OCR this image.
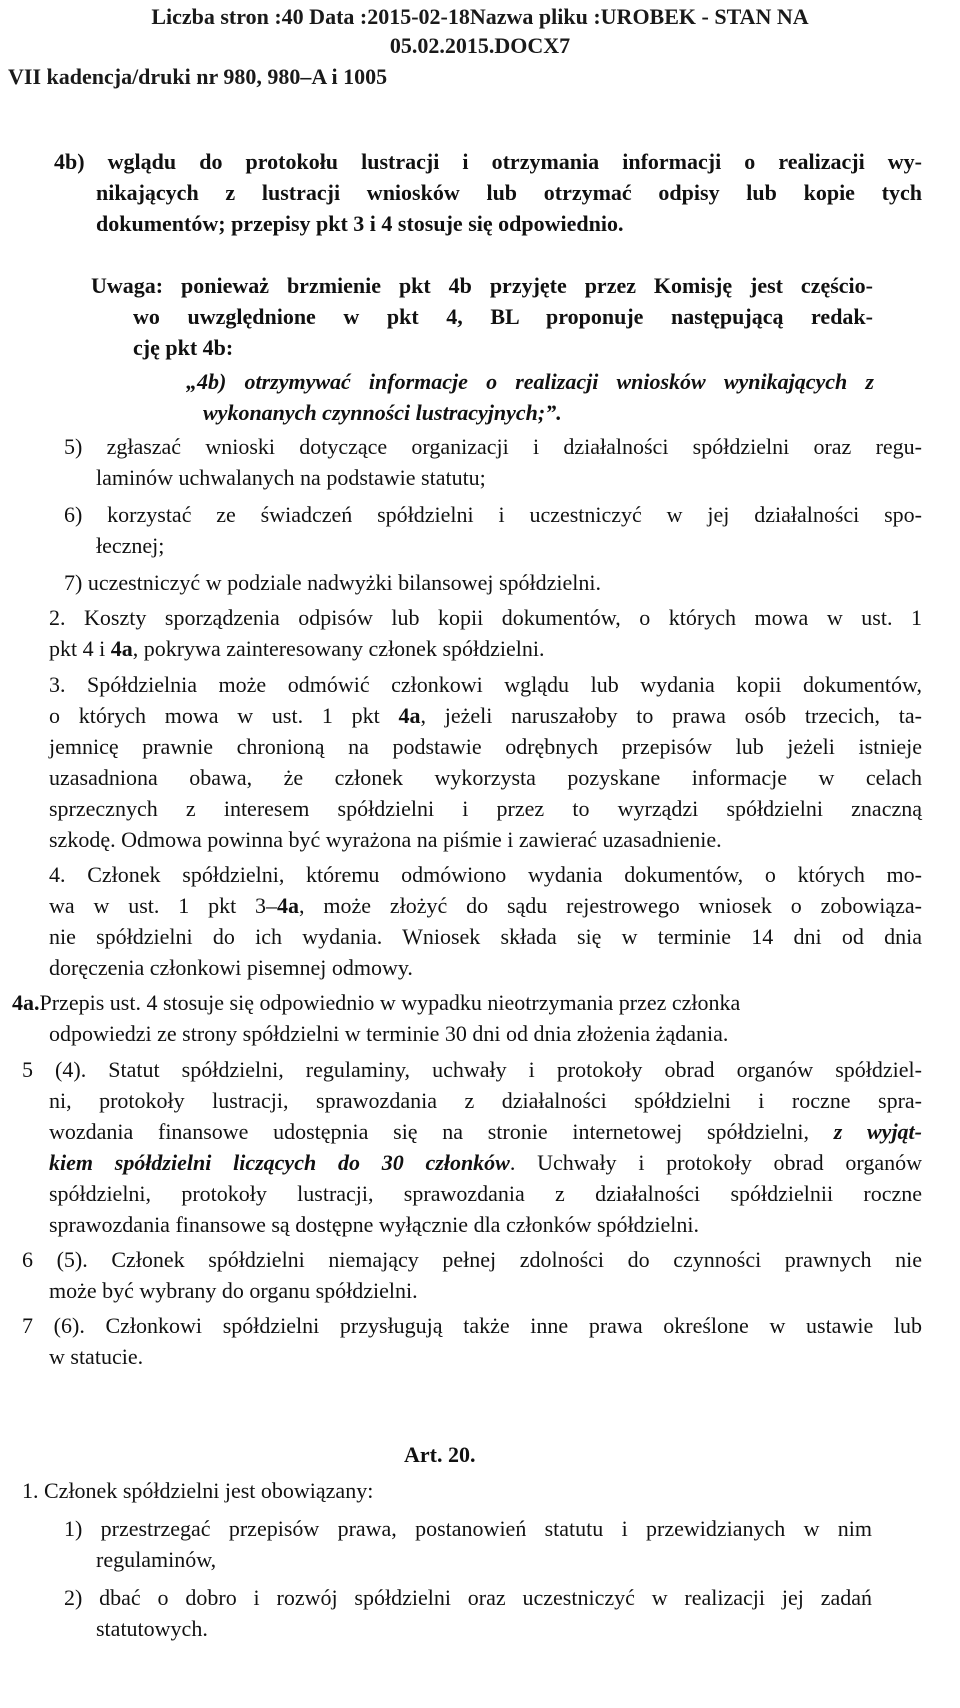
Liczba stron :40 Data :2015-02-18Nazwa pliku :UROBEK - STAN NA
05.02.2015.DOCX7
VII kadencja/druki nr 980, 980–A i 1005
4b) wglądu do protokołu lustracji i otrzymania informacji o realizacji wy-
nikających z lustracji wniosków lub otrzymać odpisy lub kopie tych
dokumentów; przepisy pkt 3 i 4 stosuje się odpowiednio.
Uwaga: ponieważ brzmienie pkt 4b przyjęte przez Komisję jest częścio-
wo uwzględnione w pkt 4, BL proponuje następującą redak-
cję pkt 4b:
„4b) otrzymywać informacje o realizacji wniosków wynikających z
wykonanych czynności lustracyjnych;”.
5) zgłaszać wnioski dotyczące organizacji i działalności spółdzielni oraz regu-
laminów uchwalanych na podstawie statutu;
6) korzystać ze świadczeń spółdzielni i uczestniczyć w jej działalności spo-
łecznej;
7) uczestniczyć w podziale nadwyżki bilansowej spółdzielni.
2. Koszty sporządzenia odpisów lub kopii dokumentów, o których mowa w ust. 1
pkt 4 i 4a, pokrywa zainteresowany członek spółdzielni.
3. Spółdzielnia może odmówić członkowi wglądu lub wydania kopii dokumentów,
o których mowa w ust. 1 pkt 4a, jeżeli naruszałoby to prawa osób trzecich, ta-
jemnicę prawnie chronioną na podstawie odrębnych przepisów lub jeżeli istnieje
uzasadniona obawa, że członek wykorzysta pozyskane informacje w celach
sprzecznych z interesem spółdzielni i przez to wyrządzi spółdzielni znaczną
szkodę. Odmowa powinna być wyrażona na piśmie i zawierać uzasadnienie.
4. Członek spółdzielni, któremu odmówiono wydania dokumentów, o których mo-
wa w ust. 1 pkt 3–4a, może złożyć do sądu rejestrowego wniosek o zobowiąza-
nie spółdzielni do ich wydania. Wniosek składa się w terminie 14 dni od dnia
doręczenia członkowi pisemnej odmowy.
4a.Przepis ust. 4 stosuje się odpowiednio w wypadku nieotrzymania przez członka
odpowiedzi ze strony spółdzielni w terminie 30 dni od dnia złożenia żądania.
5 (4). Statut spółdzielni, regulaminy, uchwały i protokoły obrad organów spółdziel-
ni, protokoły lustracji, sprawozdania z działalności spółdzielni i roczne spra-
wozdania finansowe udostępnia się na stronie internetowej spółdzielni, z wyjąt-
kiem spółdzielni liczących do 30 członków. Uchwały i protokoły obrad organów
spółdzielni, protokoły lustracji, sprawozdania z działalności spółdzielnii roczne
sprawozdania finansowe są dostępne wyłącznie dla członków spółdzielni.
6 (5). Członek spółdzielni niemający pełnej zdolności do czynności prawnych nie
może być wybrany do organu spółdzielni.
7 (6). Członkowi spółdzielni przysługują także inne prawa określone w ustawie lub
w statucie.
Art. 20.
1. Członek spółdzielni jest obowiązany:
1) przestrzegać przepisów prawa, postanowień statutu i przewidzianych w nim
regulaminów,
2) dbać o dobro i rozwój spółdzielni oraz uczestniczyć w realizacji jej zadań
statutowych.
